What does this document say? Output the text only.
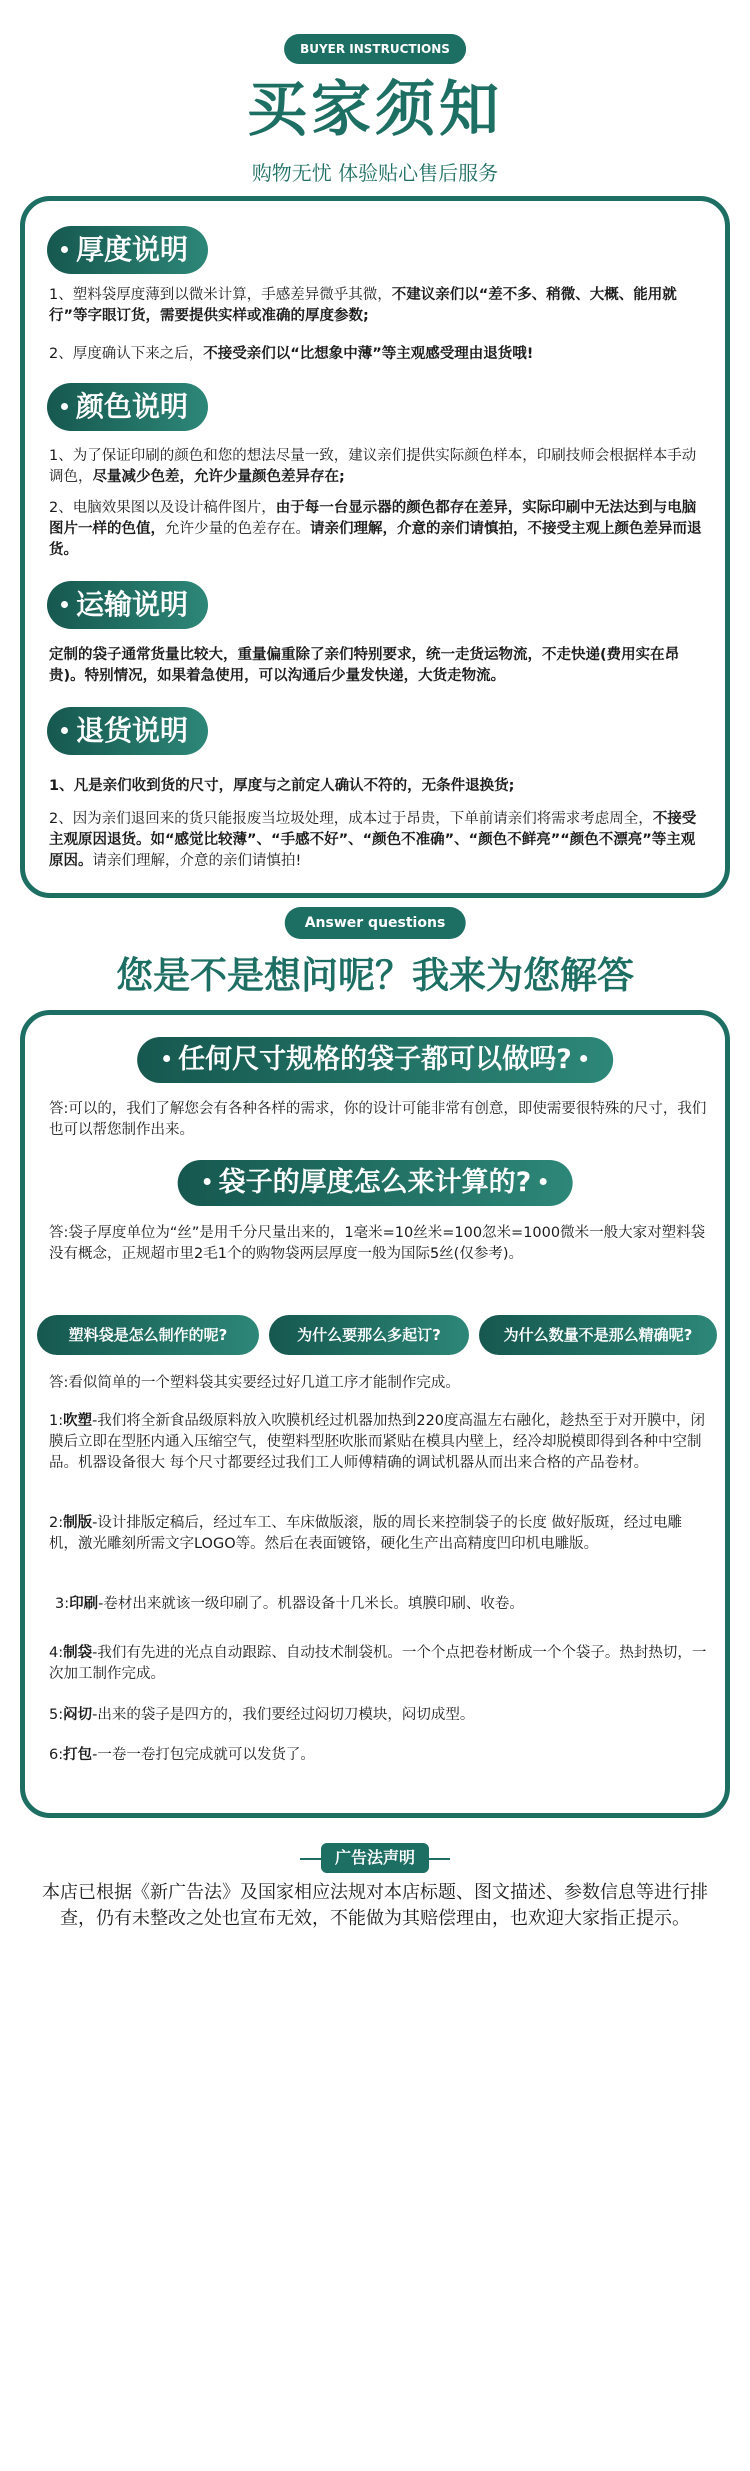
BUYER INSTRUCTIONS
买家须知
购物无忧 体验贴心售后服务
厚度说明
1、塑料袋厚度薄到以微米计算，手感差异微乎其微，不建议亲们以“差不多、稍微、大概、能用就行”等字眼订货，需要提供实样或准确的厚度参数;
2、厚度确认下来之后，不接受亲们以“比想象中薄”等主观感受理由退货哦!
颜色说明
1、为了保证印刷的颜色和您的想法尽量一致，建议亲们提供实际颜色样本，印刷技师会根据样本手动调色，尽量减少色差，允许少量颜色差异存在;
2、电脑效果图以及设计稿件图片，由于每一台显示器的颜色都存在差异，实际印刷中无法达到与电脑图片一样的色值，允许少量的色差存在。请亲们理解，介意的亲们请慎拍，不接受主观上颜色差异而退货。
运输说明
定制的袋子通常货量比较大，重量偏重除了亲们特别要求，统一走货运物流，不走快递(费用实在昂贵)。特别情况，如果着急使用，可以沟通后少量发快递，大货走物流。
退货说明
1、凡是亲们收到货的尺寸，厚度与之前定人确认不符的，无条件退换货;
2、因为亲们退回来的货只能报废当垃圾处理，成本过于昂贵，下单前请亲们将需求考虑周全，不接受主观原因退货。如“感觉比较薄”、“手感不好”、“颜色不准确”、“颜色不鲜亮”“颜色不漂亮”等主观原因。请亲们理解，介意的亲们请慎拍!
Answer questions
您是不是想问呢？我来为您解答
任何尺寸规格的袋子都可以做吗?
答:可以的，我们了解您会有各种各样的需求，你的设计可能非常有创意，即使需要很特殊的尺寸，我们也可以帮您制作出来。
袋子的厚度怎么来计算的?
答:袋子厚度单位为“丝”是用千分尺量出来的，1毫米=10丝米=100忽米=1000微米一般大家对塑料袋没有概念，正规超市里2毛1个的购物袋两层厚度一般为国际5丝(仅参考)。
塑料袋是怎么制作的呢?	为什么要那么多起订?	为什么数量不是那么精确呢?
答:看似简单的一个塑料袋其实要经过好几道工序才能制作完成。
1:吹塑-我们将全新食品级原料放入吹膜机经过机器加热到220度高温左右融化，趁热至于对开膜中，闭膜后立即在型胚内通入压缩空气，使塑料型胚吹胀而紧贴在模具内壁上，经冷却脱模即得到各种中空制品。机器设备很大 每个尺寸都要经过我们工人师傅精确的调试机器从而出来合格的产品卷材。
2:制版-设计排版定稿后，经过车工、车床做版滚，版的周长来控制袋子的长度 做好版斑，经过电雕机，激光雕刻所需文字LOGO等。然后在表面镀铬，硬化生产出高精度凹印机电雕版。
3:印刷-卷材出来就该一级印刷了。机器设备十几米长。填膜印刷、收卷。
4:制袋-我们有先进的光点自动跟踪、自动技术制袋机。一个个点把卷材断成一个个袋子。热封热切，一次加工制作完成。
5:闷切-出来的袋子是四方的，我们要经过闷切刀模块，闷切成型。
6:打包-一卷一卷打包完成就可以发货了。
广告法声明
本店已根据《新广告法》及国家相应法规对本店标题、图文描述、参数信息等进行排查，仍有未整改之处也宣布无效，不能做为其赔偿理由，也欢迎大家指正提示。
